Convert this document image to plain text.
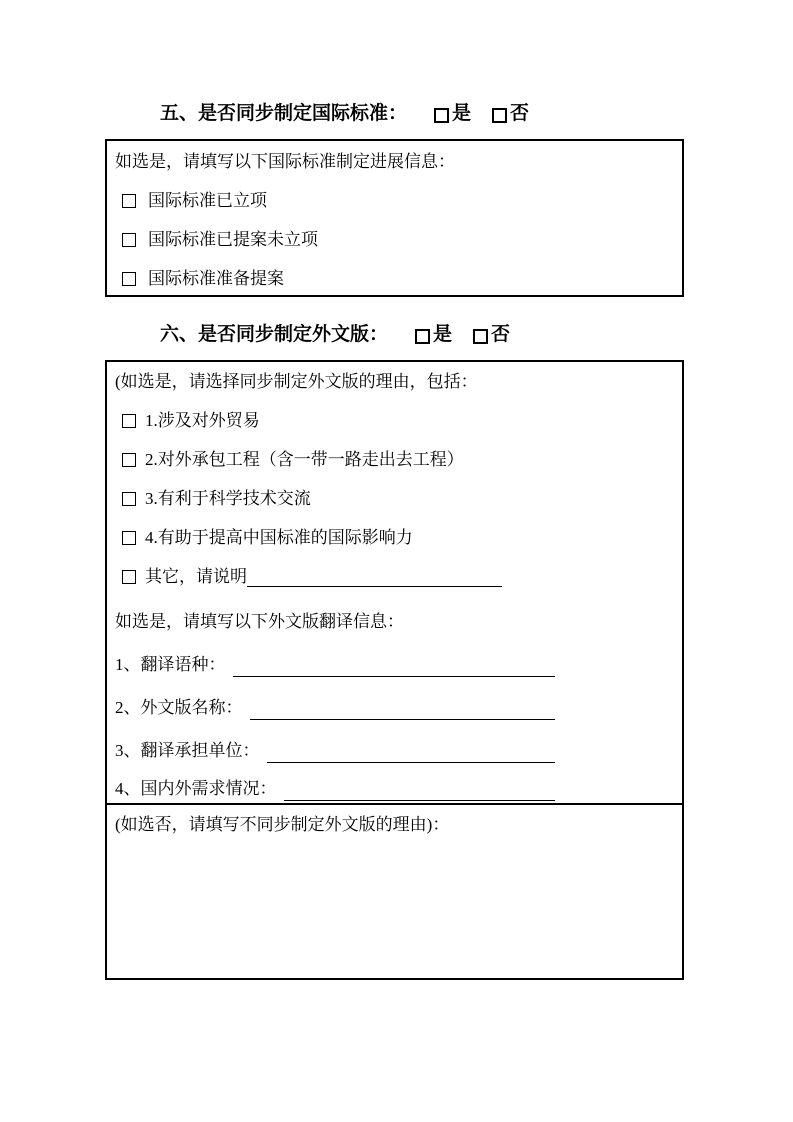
五、是否同步制定国际标准： 是 否
如选是，请填写以下国际标准制定进展信息：
国际标准已立项
国际标准已提案未立项
国际标准准备提案
六、是否同步制定外文版： 是 否
(如选是，请选择同步制定外文版的理由，包括：
1.涉及对外贸易
2.对外承包工程（含一带一路走出去工程）
3.有利于科学技术交流
4.有助于提高中国标准的国际影响力
其它，请说明
如选是，请填写以下外文版翻译信息：
1、翻译语种：
2、外文版名称：
3、翻译承担单位：
4、国内外需求情况：
(如选否，请填写不同步制定外文版的理由)：
